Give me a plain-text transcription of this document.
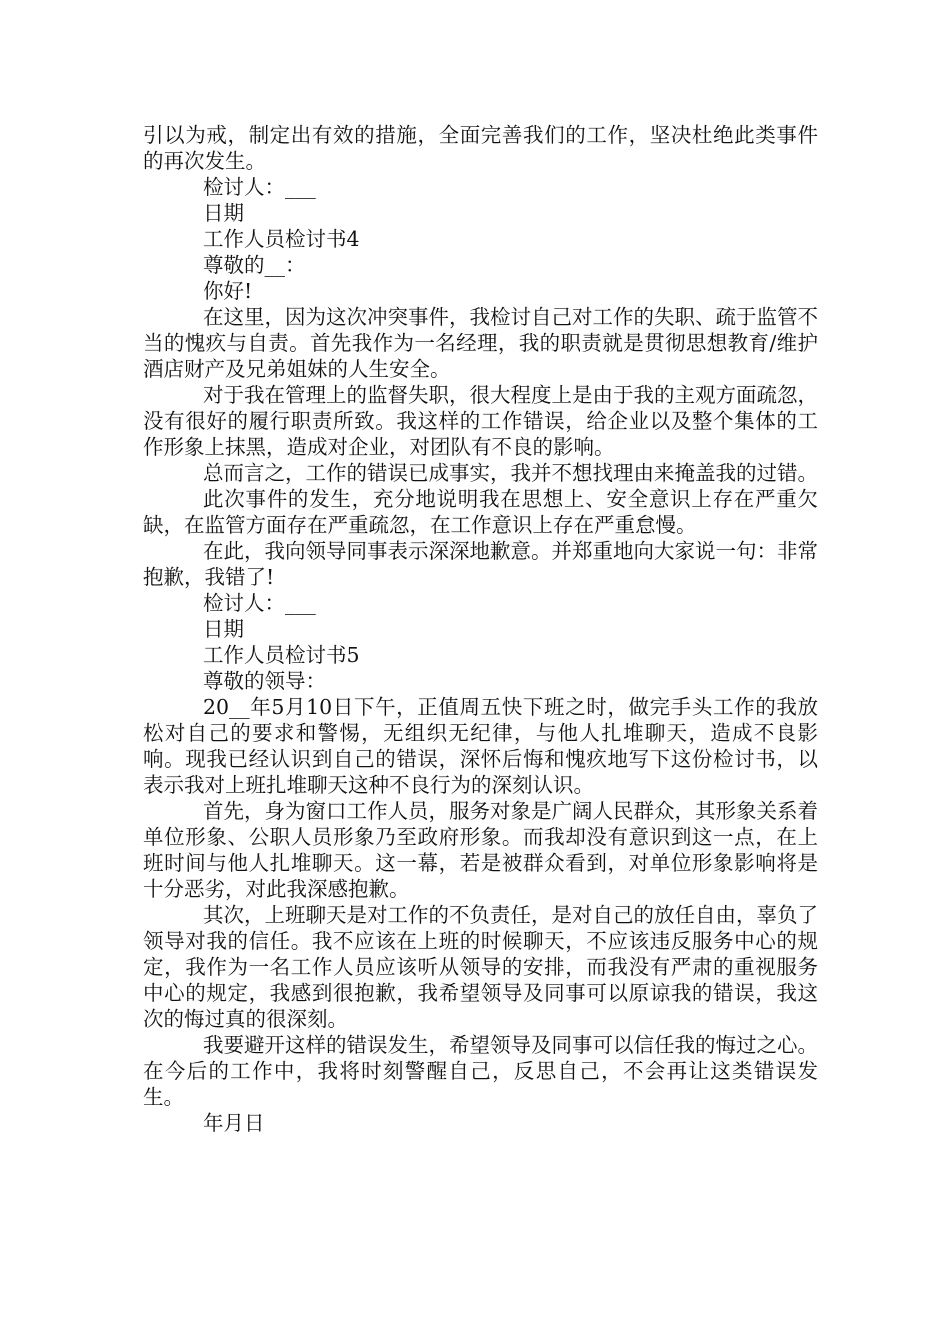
引以为戒，制定出有效的措施，全面完善我们的工作，坚决杜绝此类事件的再次发生。

检讨人：___

日期

工作人员检讨书4

尊敬的__：

你好!

在这里，因为这次冲突事件，我检讨自己对工作的失职、疏于监管不当的愧疚与自责。首先我作为一名经理，我的职责就是贯彻思想教育/维护酒店财产及兄弟姐妹的人生安全。

对于我在管理上的监督失职，很大程度上是由于我的主观方面疏忽，没有很好的履行职责所致。我这样的工作错误，给企业以及整个集体的工作形象上抹黑，造成对企业，对团队有不良的影响。

总而言之，工作的错误已成事实，我并不想找理由来掩盖我的过错。

此次事件的发生，充分地说明我在思想上、安全意识上存在严重欠缺，在监管方面存在严重疏忽，在工作意识上存在严重怠慢。

在此，我向领导同事表示深深地歉意。并郑重地向大家说一句：非常抱歉，我错了!

检讨人：___

日期

工作人员检讨书5

尊敬的领导：

20__年5月10日下午，正值周五快下班之时，做完手头工作的我放松对自己的要求和警惕，无组织无纪律，与他人扎堆聊天，造成不良影响。现我已经认识到自己的错误，深怀后悔和愧疚地写下这份检讨书，以表示我对上班扎堆聊天这种不良行为的深刻认识。

首先，身为窗口工作人员，服务对象是广阔人民群众，其形象关系着单位形象、公职人员形象乃至政府形象。而我却没有意识到这一点，在上班时间与他人扎堆聊天。这一幕，若是被群众看到，对单位形象影响将是十分恶劣，对此我深感抱歉。

其次，上班聊天是对工作的不负责任，是对自己的放任自由，辜负了领导对我的信任。我不应该在上班的时候聊天，不应该违反服务中心的规定，我作为一名工作人员应该听从领导的安排，而我没有严肃的重视服务中心的规定，我感到很抱歉，我希望领导及同事可以原谅我的错误，我这次的悔过真的很深刻。

我要避开这样的错误发生，希望领导及同事可以信任我的悔过之心。在今后的工作中，我将时刻警醒自己，反思自己，不会再让这类错误发生。

年月日
